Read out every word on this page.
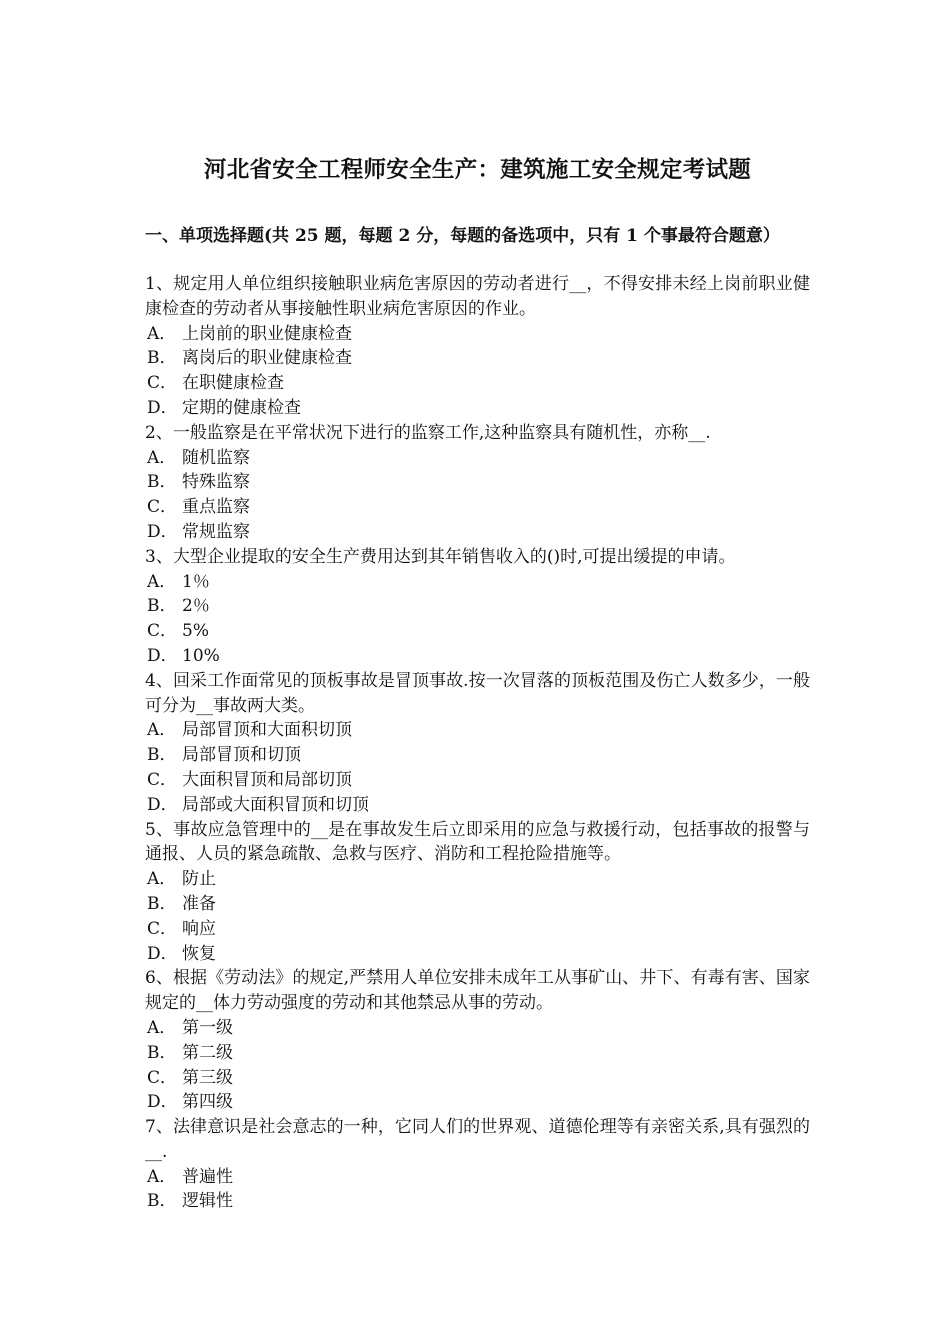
河北省安全工程师安全生产：建筑施工安全规定考试题
一、单项选择题(共 25 题，每题 2 分，每题的备选项中，只有 1 个事最符合题意）

1、规定用人单位组织接触职业病危害原因的劳动者进行__，不得安排未经上岗前职业健康检查的劳动者从事接触性职业病危害原因的作业。

A． 上岗前的职业健康检查

B． 离岗后的职业健康检查

C． 在职健康检查

D． 定期的健康检查

2、一般监察是在平常状况下进行的监察工作,这种监察具有随机性，亦称__.

A． 随机监察

B． 特殊监察

C． 重点监察

D． 常规监察

3、大型企业提取的安全生产费用达到其年销售收入的()时,可提出缓提的申请。

A． 1％

B． 2％

C． 5%

D． 10%

4、回采工作面常见的顶板事故是冒顶事故.按一次冒落的顶板范围及伤亡人数多少，一般可分为__事故两大类。

A． 局部冒顶和大面积切顶

B． 局部冒顶和切顶

C． 大面积冒顶和局部切顶

D． 局部或大面积冒顶和切顶

5、事故应急管理中的__是在事故发生后立即采用的应急与救援行动，包括事故的报警与通报、人员的紧急疏散、急救与医疗、消防和工程抢险措施等。

A． 防止

B． 准备

C． 响应

D． 恢复

6、根据《劳动法》的规定,严禁用人单位安排未成年工从事矿山、井下、有毒有害、国家规定的__体力劳动强度的劳动和其他禁忌从事的劳动。

A． 第一级

B． 第二级

C． 第三级

D． 第四级

7、法律意识是社会意志的一种，它同人们的世界观、道德伦理等有亲密关系,具有强烈的__.

A． 普遍性

B． 逻辑性
